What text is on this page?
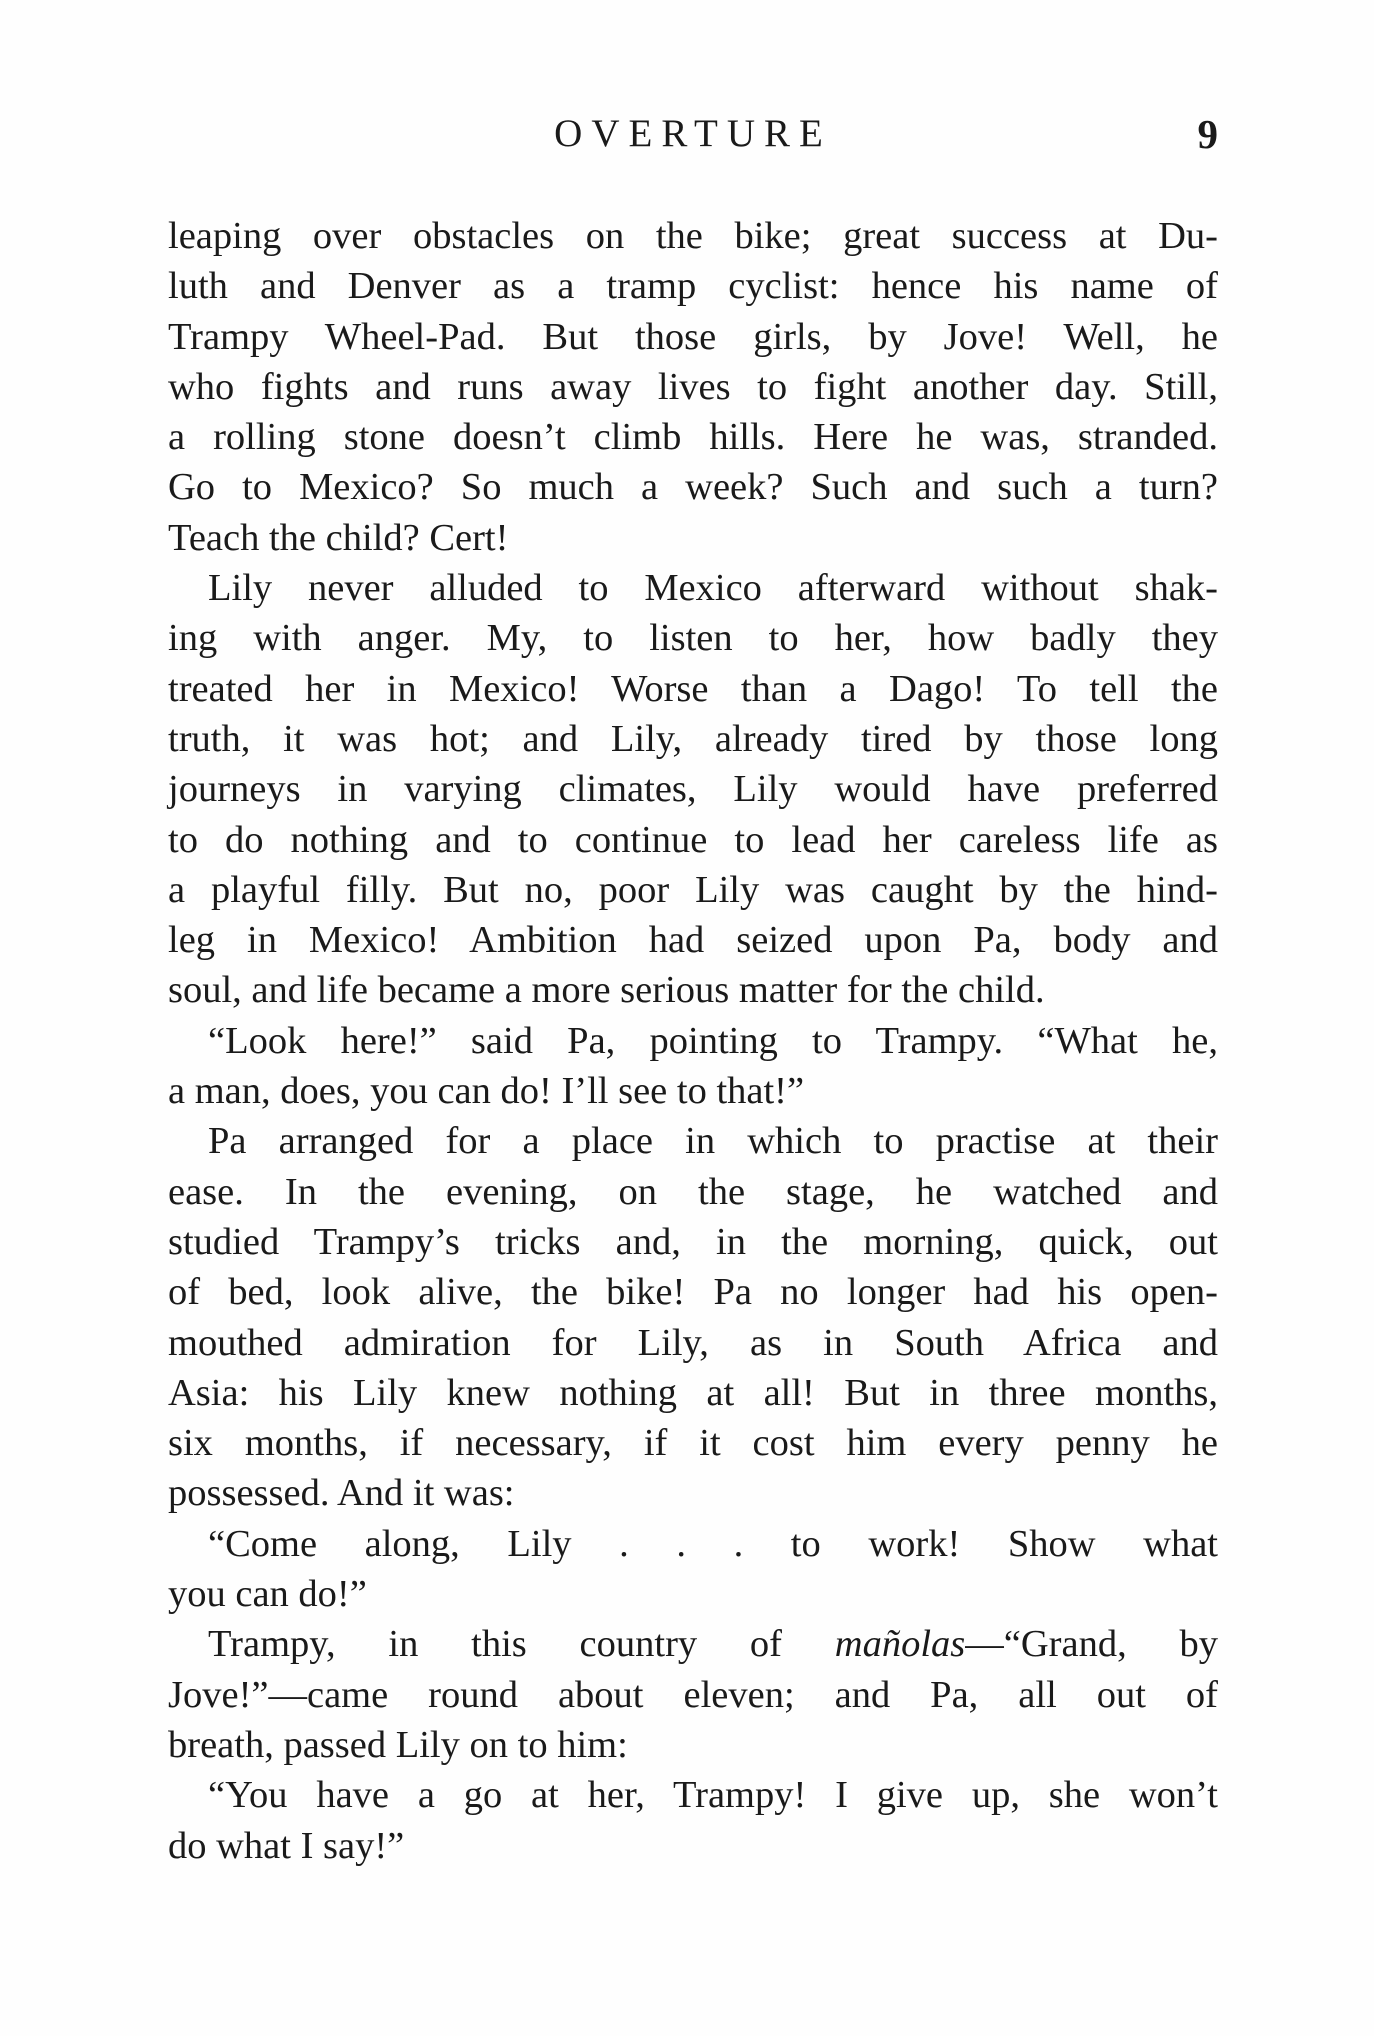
OVERTURE	9

leaping over obstacles on the bike; great success at Du-
luth and Denver as a tramp cyclist: hence his name of
Trampy Wheel-Pad. But those girls, by Jove! Well, he
who fights and runs away lives to fight another day. Still,
a rolling stone doesn’t climb hills. Here he was, stranded.
Go to Mexico? So much a week? Such and such a turn?
Teach the child? Cert!

Lily never alluded to Mexico afterward without shak-
ing with anger. My, to listen to her, how badly they
treated her in Mexico! Worse than a Dago! To tell the
truth, it was hot; and Lily, already tired by those long
journeys in varying climates, Lily would have preferred
to do nothing and to continue to lead her careless life as
a playful filly. But no, poor Lily was caught by the hind-
leg in Mexico! Ambition had seized upon Pa, body and
soul, and life became a more serious matter for the child.

“Look here!” said Pa, pointing to Trampy. “What he,
a man, does, you can do! I’ll see to that!”

Pa arranged for a place in which to practise at their
ease. In the evening, on the stage, he watched and
studied Trampy’s tricks and, in the morning, quick, out
of bed, look alive, the bike! Pa no longer had his open-
mouthed admiration for Lily, as in South Africa and
Asia: his Lily knew nothing at all! But in three months,
six months, if necessary, if it cost him every penny he
possessed. And it was:

“Come along, Lily . . . to work! Show what
you can do!”

Trampy, in this country of mañolas—“Grand, by
Jove!”—came round about eleven; and Pa, all out of
breath, passed Lily on to him:

“You have a go at her, Trampy! I give up, she won’t
do what I say!”
